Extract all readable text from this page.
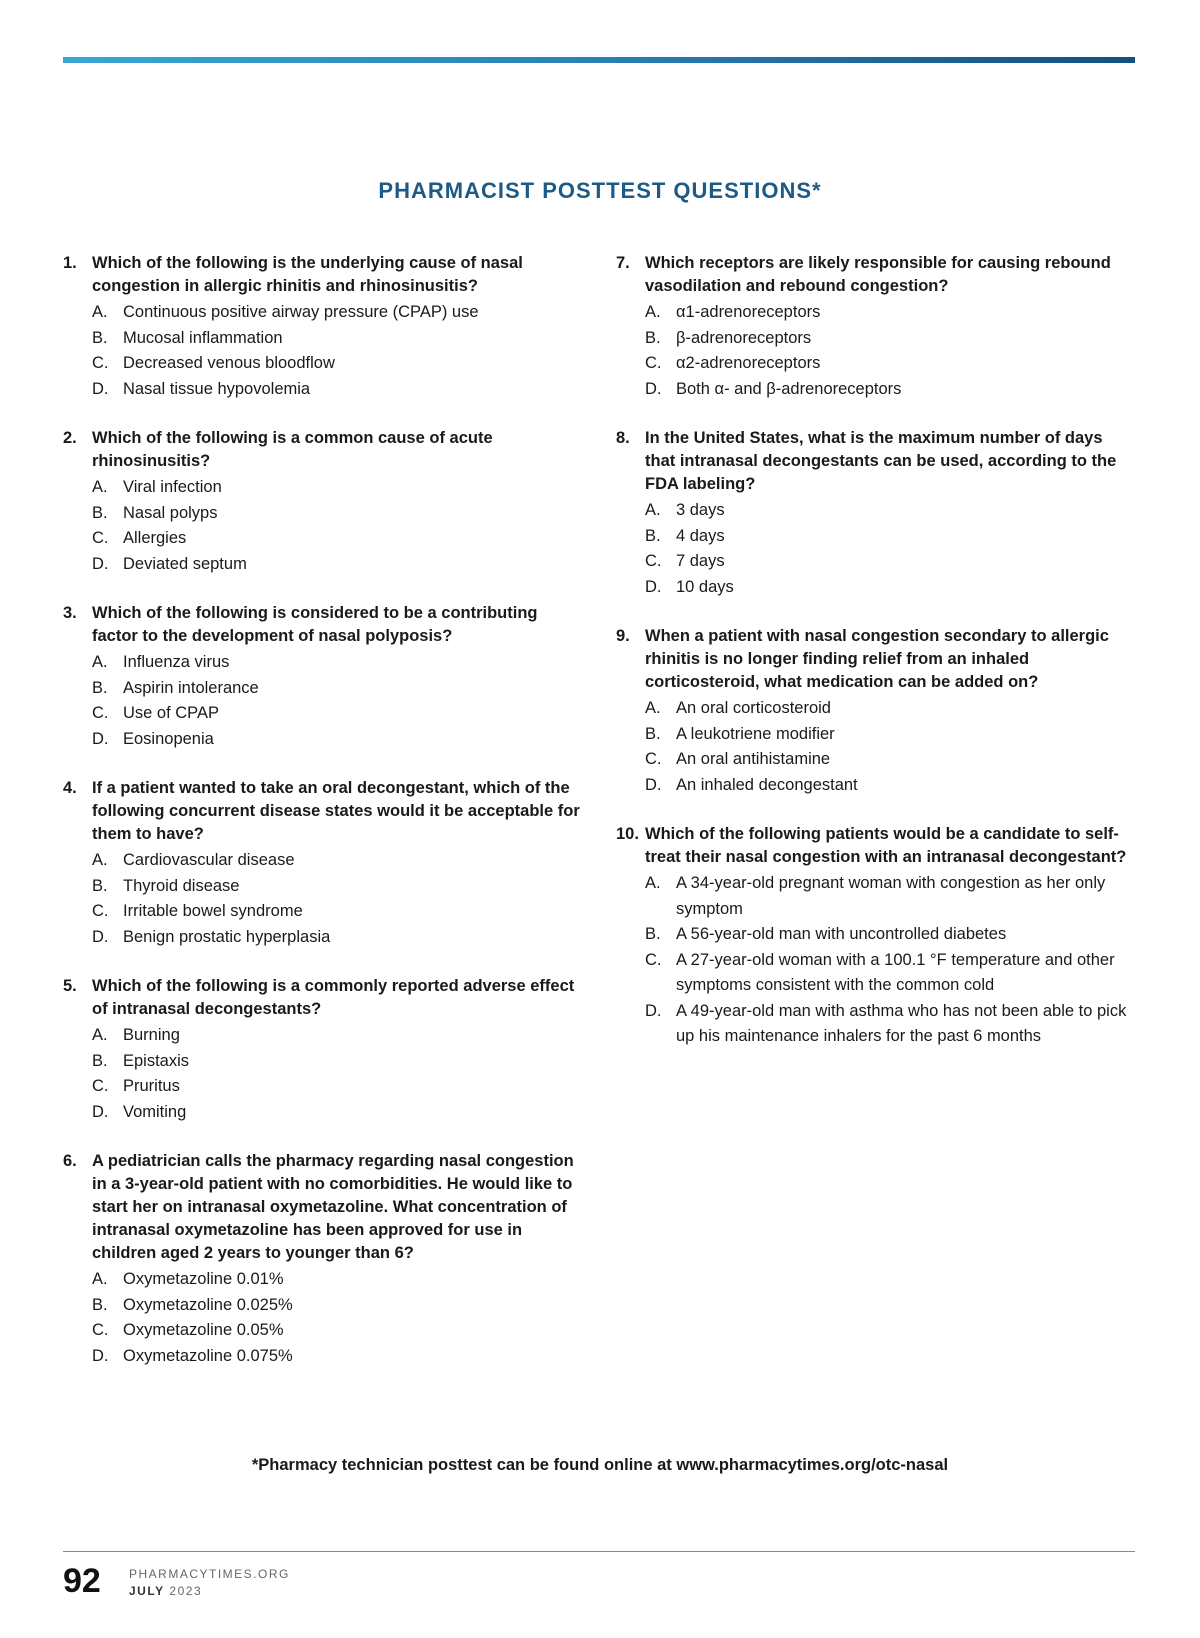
PHARMACIST POSTTEST QUESTIONS*
1. Which of the following is the underlying cause of nasal congestion in allergic rhinitis and rhinosinusitis?
A. Continuous positive airway pressure (CPAP) use
B. Mucosal inflammation
C. Decreased venous bloodflow
D. Nasal tissue hypovolemia
2. Which of the following is a common cause of acute rhinosinusitis?
A. Viral infection
B. Nasal polyps
C. Allergies
D. Deviated septum
3. Which of the following is considered to be a contributing factor to the development of nasal polyposis?
A. Influenza virus
B. Aspirin intolerance
C. Use of CPAP
D. Eosinopenia
4. If a patient wanted to take an oral decongestant, which of the following concurrent disease states would it be acceptable for them to have?
A. Cardiovascular disease
B. Thyroid disease
C. Irritable bowel syndrome
D. Benign prostatic hyperplasia
5. Which of the following is a commonly reported adverse effect of intranasal decongestants?
A. Burning
B. Epistaxis
C. Pruritus
D. Vomiting
6. A pediatrician calls the pharmacy regarding nasal congestion in a 3-year-old patient with no comorbidities. He would like to start her on intranasal oxymetazoline. What concentration of intranasal oxymetazoline has been approved for use in children aged 2 years to younger than 6?
A. Oxymetazoline 0.01%
B. Oxymetazoline 0.025%
C. Oxymetazoline 0.05%
D. Oxymetazoline 0.075%
7. Which receptors are likely responsible for causing rebound vasodilation and rebound congestion?
A. α1-adrenoreceptors
B. β-adrenoreceptors
C. α2-adrenoreceptors
D. Both α- and β-adrenoreceptors
8. In the United States, what is the maximum number of days that intranasal decongestants can be used, according to the FDA labeling?
A. 3 days
B. 4 days
C. 7 days
D. 10 days
9. When a patient with nasal congestion secondary to allergic rhinitis is no longer finding relief from an inhaled corticosteroid, what medication can be added on?
A. An oral corticosteroid
B. A leukotriene modifier
C. An oral antihistamine
D. An inhaled decongestant
10. Which of the following patients would be a candidate to self-treat their nasal congestion with an intranasal decongestant?
A. A 34-year-old pregnant woman with congestion as her only symptom
B. A 56-year-old man with uncontrolled diabetes
C. A 27-year-old woman with a 100.1 °F temperature and other symptoms consistent with the common cold
D. A 49-year-old man with asthma who has not been able to pick up his maintenance inhalers for the past 6 months
*Pharmacy technician posttest can be found online at www.pharmacytimes.org/otc-nasal
92 PHARMACYTIMES.ORG
JULY 2023
